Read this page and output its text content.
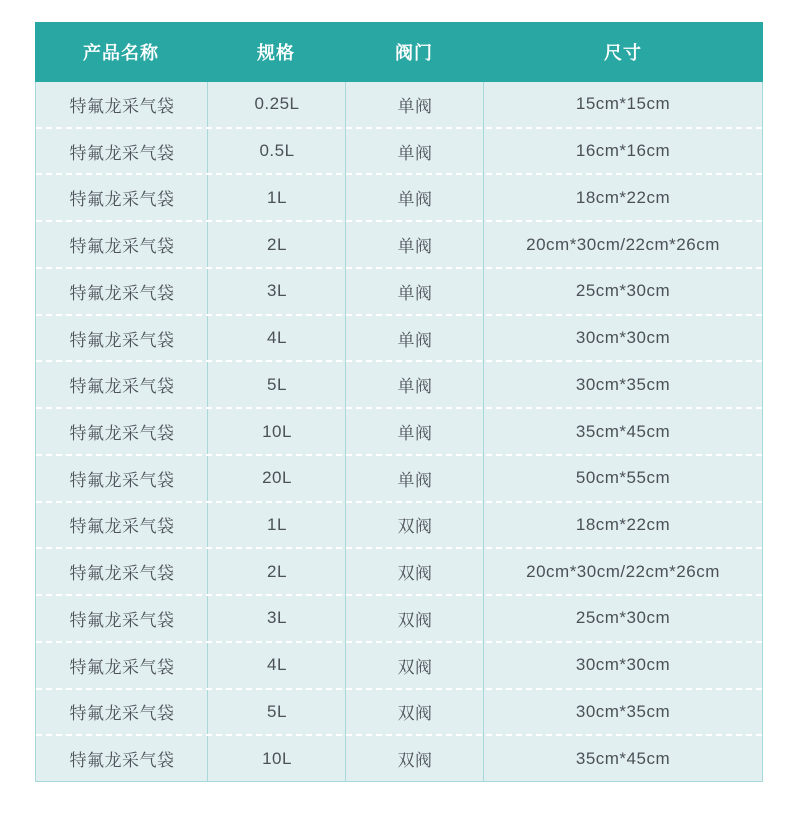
产品名称	规格	阀门	尺寸
特氟龙采气袋	0.25L	单阀	15cm*15cm
特氟龙采气袋	0.5L	单阀	16cm*16cm
特氟龙采气袋	1L	单阀	18cm*22cm
特氟龙采气袋	2L	单阀	20cm*30cm/22cm*26cm
特氟龙采气袋	3L	单阀	25cm*30cm
特氟龙采气袋	4L	单阀	30cm*30cm
特氟龙采气袋	5L	单阀	30cm*35cm
特氟龙采气袋	10L	单阀	35cm*45cm
特氟龙采气袋	20L	单阀	50cm*55cm
特氟龙采气袋	1L	双阀	18cm*22cm
特氟龙采气袋	2L	双阀	20cm*30cm/22cm*26cm
特氟龙采气袋	3L	双阀	25cm*30cm
特氟龙采气袋	4L	双阀	30cm*30cm
特氟龙采气袋	5L	双阀	30cm*35cm
特氟龙采气袋	10L	双阀	35cm*45cm
